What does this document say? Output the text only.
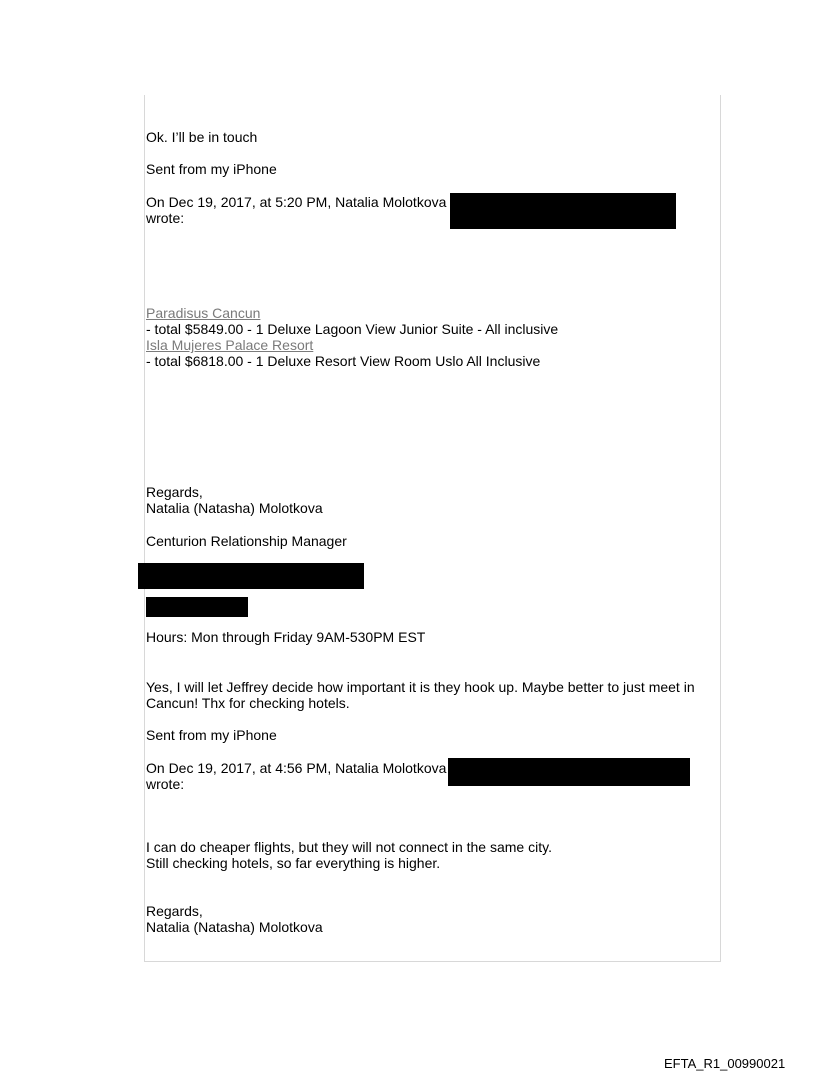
Ok. I’ll be in touch
Sent from my iPhone
On Dec 19, 2017, at 5:20 PM, Natalia Molotkova
wrote:
Paradisus Cancun
- total $5849.00 - 1 Deluxe Lagoon View Junior Suite - All inclusive
Isla Mujeres Palace Resort
- total $6818.00 - 1 Deluxe Resort View Room Uslo All Inclusive
Regards,
Natalia (Natasha) Molotkova
Centurion Relationship Manager
Hours: Mon through Friday 9AM-530PM EST
Yes, I will let Jeffrey decide how important it is they hook up. Maybe better to just meet in
Cancun! Thx for checking hotels.
Sent from my iPhone
On Dec 19, 2017, at 4:56 PM, Natalia Molotkova
wrote:
I can do cheaper flights, but they will not connect in the same city.
Still checking hotels, so far everything is higher.
Regards,
Natalia (Natasha) Molotkova
EFTA_R1_00990021
